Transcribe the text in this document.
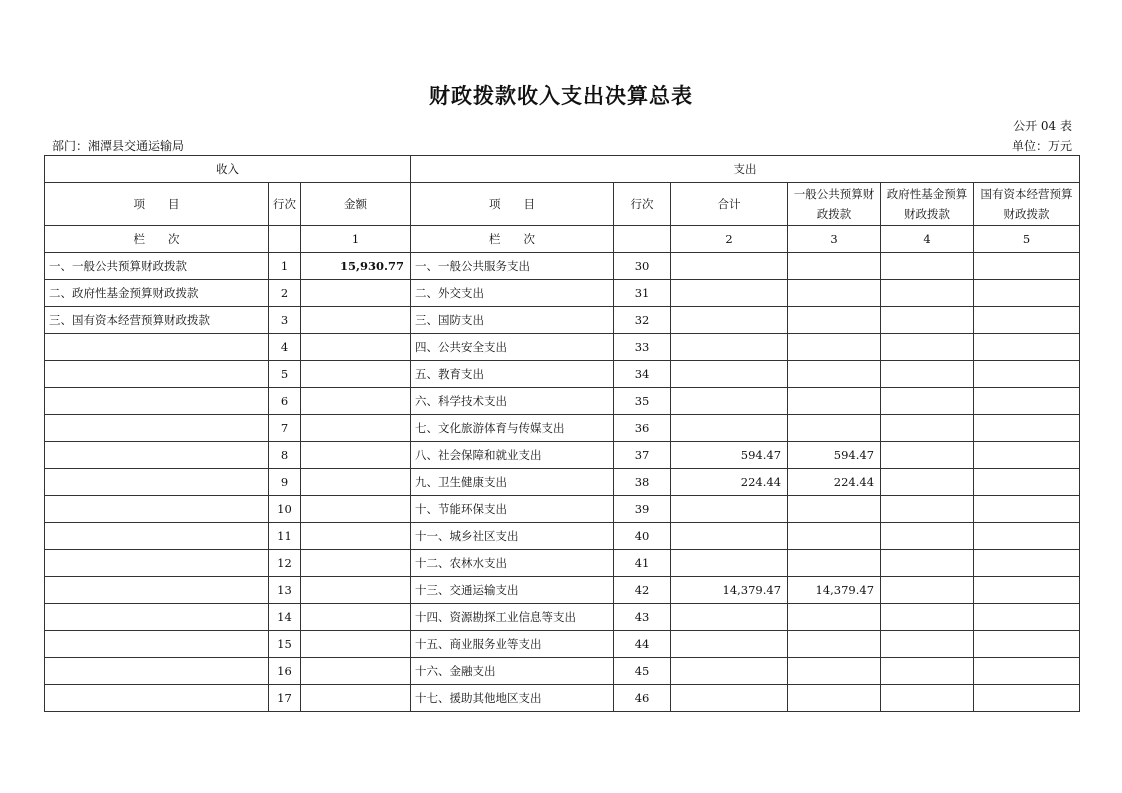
财政拨款收入支出决算总表
公开 04 表
部门：湘潭县交通运输局	单位：万元
收入			支出					
项　　目	行次	金额	项　　目	行次	合计	一般公共预算财政拨款	政府性基金预算财政拨款	国有资本经营预算财政拨款
栏　　次		1	栏　　次		2	3	4	5
一、一般公共预算财政拨款	1	15,930.77	一、一般公共服务支出	30				
二、政府性基金预算财政拨款	2		二、外交支出	31				
三、国有资本经营预算财政拨款	3		三、国防支出	32				
	4		四、公共安全支出	33				
	5		五、教育支出	34				
	6		六、科学技术支出	35				
	7		七、文化旅游体育与传媒支出	36				
	8		八、社会保障和就业支出	37	594.47	594.47		
	9		九、卫生健康支出	38	224.44	224.44		
	10		十、节能环保支出	39				
	11		十一、城乡社区支出	40				
	12		十二、农林水支出	41				
	13		十三、交通运输支出	42	14,379.47	14,379.47		
	14		十四、资源勘探工业信息等支出	43				
	15		十五、商业服务业等支出	44				
	16		十六、金融支出	45				
	17		十七、援助其他地区支出	46				
